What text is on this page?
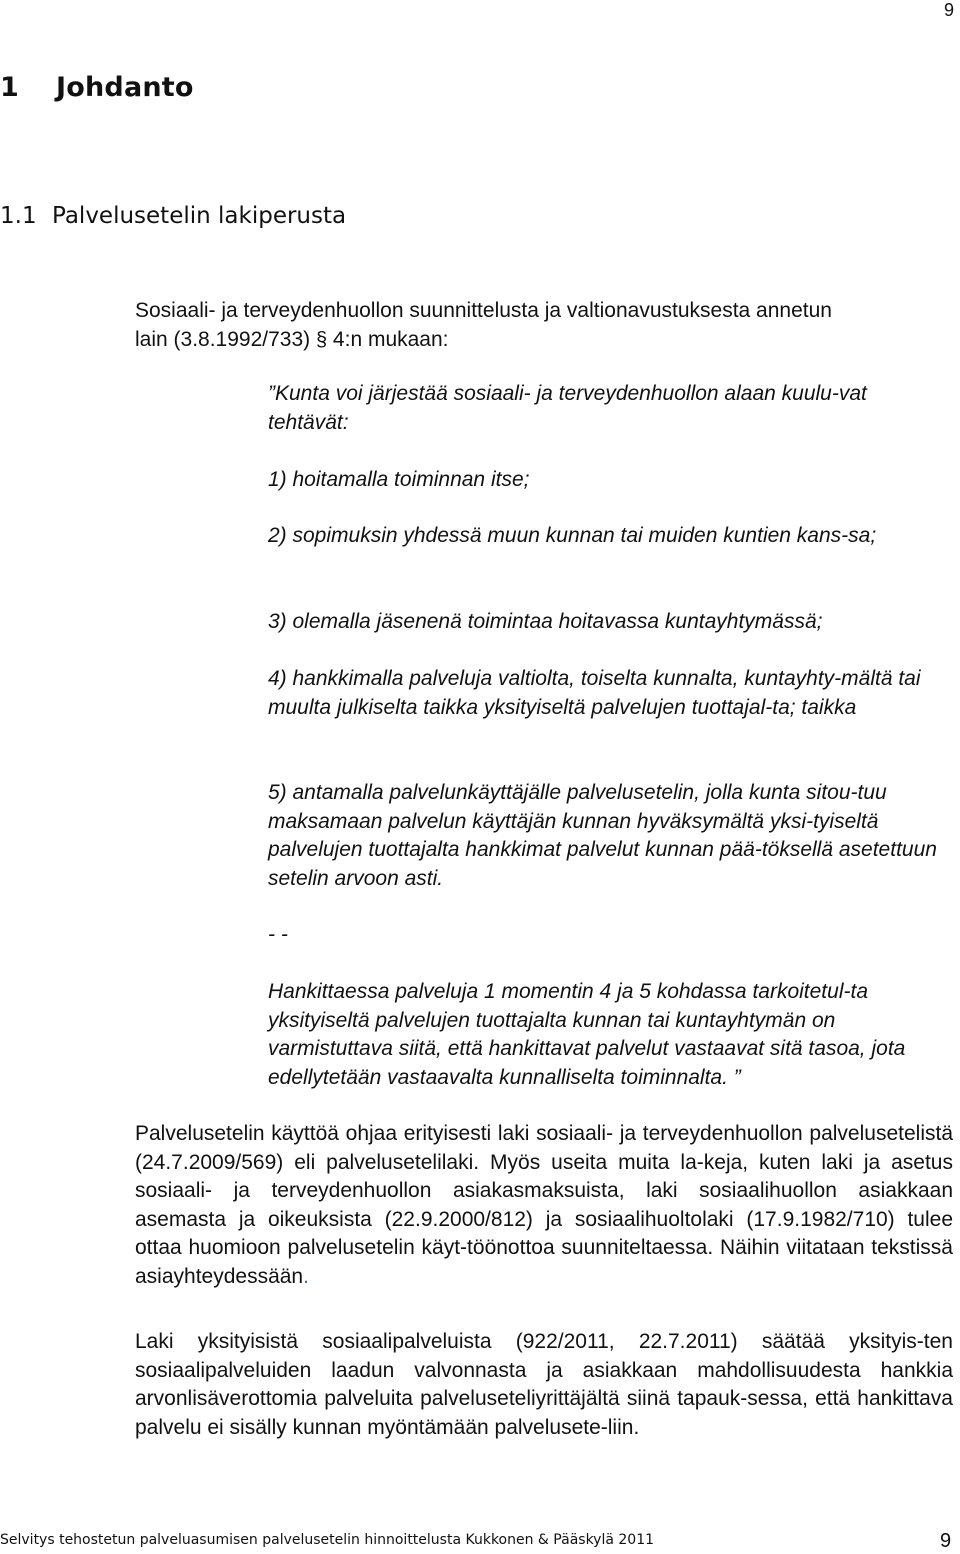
9
1 Johdanto
1.1 Palvelusetelin lakiperusta

Sosiaali- ja terveydenhuollon suunnittelusta ja valtionavustuksesta annetun
lain (3.8.1992/733) § 4:n mukaan:

”Kunta voi järjestää sosiaali- ja terveydenhuollon alaan kuulu-vat tehtävät:

1) hoitamalla toiminnan itse;

2) sopimuksin yhdessä muun kunnan tai muiden kuntien kans-sa;

3) olemalla jäsenenä toimintaa hoitavassa kuntayhtymässä;

4) hankkimalla palveluja valtiolta, toiselta kunnalta, kuntayhty-mältä tai muulta julkiselta taikka yksityiseltä palvelujen tuottajal-ta; taikka

5) antamalla palvelunkäyttäjälle palvelusetelin, jolla kunta sitou-tuu maksamaan palvelun käyttäjän kunnan hyväksymältä yksi-tyiseltä palvelujen tuottajalta hankkimat palvelut kunnan pää-töksellä asetettuun setelin arvoon asti.

- -

Hankittaessa palveluja 1 momentin 4 ja 5 kohdassa tarkoitetul-ta yksityiseltä palvelujen tuottajalta kunnan tai kuntayhtymän on varmistuttava siitä, että hankittavat palvelut vastaavat sitä tasoa, jota edellytetään vastaavalta kunnalliselta toiminnalta. ”

Palvelusetelin käyttöä ohjaa erityisesti laki sosiaali- ja terveydenhuollon palvelusetelistä (24.7.2009/569) eli palvelusetelilaki. Myös useita muita la-keja, kuten laki ja asetus sosiaali- ja terveydenhuollon asiakasmaksuista, laki sosiaalihuollon asiakkaan asemasta ja oikeuksista (22.9.2000/812) ja sosiaalihuoltolaki (17.9.1982/710) tulee ottaa huomioon palvelusetelin käyt-töönottoa suunniteltaessa. Näihin viitataan tekstissä asiayhteydessään.

Laki yksityisistä sosiaalipalveluista (922/2011, 22.7.2011) säätää yksityis-ten sosiaalipalveluiden laadun valvonnasta ja asiakkaan mahdollisuudesta hankkia arvonlisäverottomia palveluita palveluseteliyrittäjältä siinä tapauk-sessa, että hankittava palvelu ei sisälly kunnan myöntämään palvelusete-liin.

Selvitys tehostetun palveluasumisen palvelusetelin hinnoittelusta Kukkonen & Pääskylä 2011	9
